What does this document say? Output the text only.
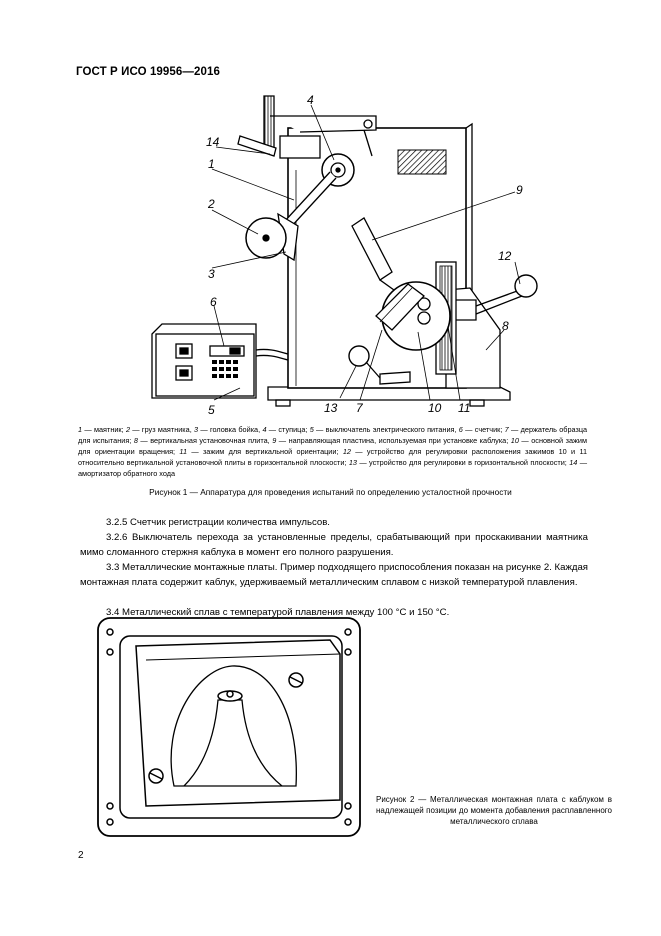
ГОСТ Р ИСО 19956—2016
14
4
1
2
3
6
5
9
12
8
13 7	10 11
1 — маятник; 2 — груз маятника, 3 — головка бойка, 4 — ступица; 5 — выключатель электрического питания, 6 — счетчик; 7 — держатель образца для испытания; 8 — вертикальная установочная плита, 9 — направляющая пластина, используемая при установке каблука; 10 — основной зажим для ориентации вращения; 11 — зажим для вертикальной ориентации; 12 — устройство для регулировки расположения зажимов 10 и 11 относительно вертикальной установочной плиты в горизонтальной плоскости; 13 — устройство для регулировки в горизонтальной плоскости; 14 — амортизатор обратного хода
Рисунок 1 — Аппаратура для проведения испытаний по определению усталостной прочности
3.2.5 Счетчик регистрации количества импульсов.
3.2.6 Выключатель перехода за установленные пределы, срабатывающий при проскакивании маятника мимо сломанного стержня каблука в момент его полного разрушения.
3.3 Металлические монтажные платы. Пример подходящего приспособления показан на рисунке 2. Каждая монтажная плата содержит каблук, удерживаемый металлическим сплавом с низкой температурой плавления.
3.4 Металлический сплав с температурой плавления между 100 °С и 150 °С.
Рисунок 2 — Металлическая монтажная плата с каблуком в надлежащей позиции до момента добавления расплавленного металлического сплава
2
